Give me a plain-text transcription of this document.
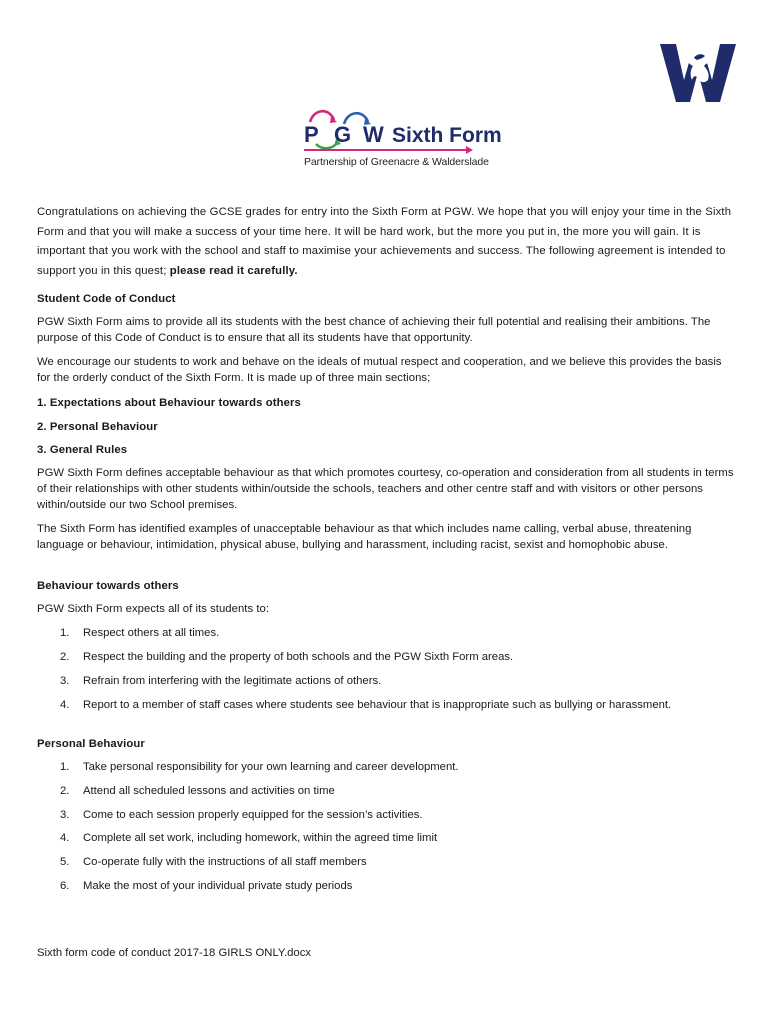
P G W Sixth Form
Partnership of Greenacre & Walderslade

Congratulations on achieving the GCSE grades for entry into the Sixth Form at PGW. We hope that you will enjoy your time in the Sixth Form and that you will make a success of your time here. It will be hard work, but the more you put in, the more you will gain. It is important that you work with the school and staff to maximise your achievements and success. The following agreement is intended to support you in this quest; please read it carefully.

Student Code of Conduct

PGW Sixth Form aims to provide all its students with the best chance of achieving their full potential and realising their ambitions. The purpose of this Code of Conduct is to ensure that all its students have that opportunity.

We encourage our students to work and behave on the ideals of mutual respect and cooperation, and we believe this provides the basis for the orderly conduct of the Sixth Form. It is made up of three main sections;

1. Expectations about Behaviour towards others

2. Personal Behaviour

3. General Rules

PGW Sixth Form defines acceptable behaviour as that which promotes courtesy, co-operation and consideration from all students in terms of their relationships with other students within/outside the schools, teachers and other centre staff and with visitors or other persons within/outside our two School premises.

The Sixth Form has identified examples of unacceptable behaviour as that which includes name calling, verbal abuse, threatening language or behaviour, intimidation, physical abuse, bullying and harassment, including racist, sexist and homophobic abuse.

Behaviour towards others

PGW Sixth Form expects all of its students to:

1. Respect others at all times.
2. Respect the building and the property of both schools and the PGW Sixth Form areas.
3. Refrain from interfering with the legitimate actions of others.
4. Report to a member of staff cases where students see behaviour that is inappropriate such as bullying or harassment.
Personal Behaviour
1. Take personal responsibility for your own learning and career development.
2. Attend all scheduled lessons and activities on time
3. Come to each session properly equipped for the session’s activities.
4. Complete all set work, including homework, within the agreed time limit
5. Co-operate fully with the instructions of all staff members
6. Make the most of your individual private study periods
Sixth form code of conduct 2017-18 GIRLS ONLY.docx
